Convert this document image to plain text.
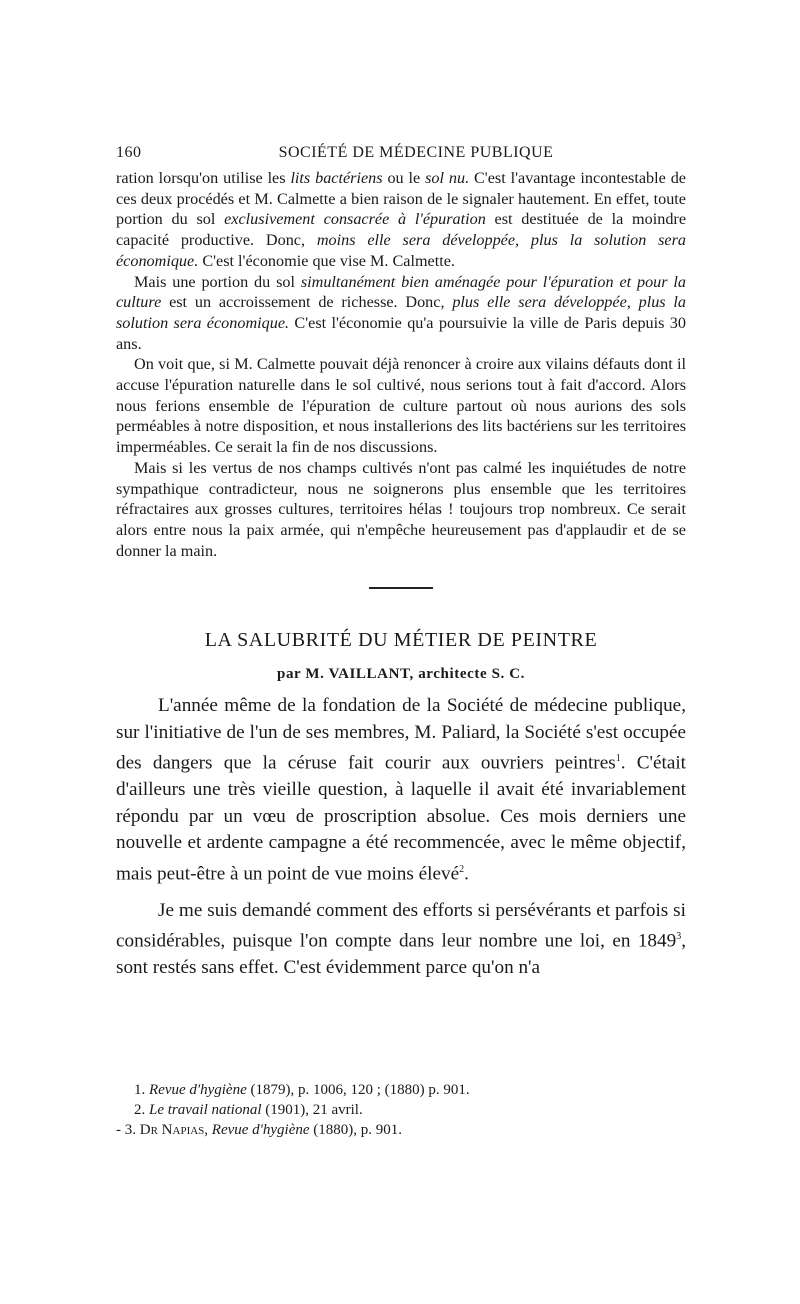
160	SOCIÉTÉ DE MÉDECINE PUBLIQUE

ration lorsqu'on utilise les lits bactériens ou le sol nu. C'est l'avantage incontestable de ces deux procédés et M. Calmette a bien raison de le signaler hautement. En effet, toute portion du sol exclusivement consacrée à l'épuration est destituée de la moindre capacité productive. Donc, moins elle sera développée, plus la solution sera économique. C'est l'économie que vise M. Calmette.

Mais une portion du sol simultanément bien aménagée pour l'épuration et pour la culture est un accroissement de richesse. Donc, plus elle sera développée, plus la solution sera économique. C'est l'économie qu'a poursuivie la ville de Paris depuis 30 ans.

On voit que, si M. Calmette pouvait déjà renoncer à croire aux vilains défauts dont il accuse l'épuration naturelle dans le sol cultivé, nous serions tout à fait d'accord. Alors nous ferions ensemble de l'épuration de culture partout où nous aurions des sols perméables à notre disposition, et nous installerions des lits bactériens sur les territoires imperméables. Ce serait la fin de nos discussions.

Mais si les vertus de nos champs cultivés n'ont pas calmé les inquiétudes de notre sympathique contradicteur, nous ne soignerons plus ensemble que les territoires réfractaires aux grosses cultures, territoires hélas ! toujours trop nombreux. Ce serait alors entre nous la paix armée, qui n'empêche heureusement pas d'applaudir et de se donner la main.

LA SALUBRITÉ DU MÉTIER DE PEINTRE

par M. VAILLANT, architecte S. C.

L'année même de la fondation de la Société de médecine publique, sur l'initiative de l'un de ses membres, M. Paliard, la Société s'est occupée des dangers que la céruse fait courir aux ouvriers peintres$^1$. C'était d'ailleurs une très vieille question, à laquelle il avait été invariablement répondu par un vœu de proscription absolue. Ces mois derniers une nouvelle et ardente campagne a été recommencée, avec le même objectif, mais peut-être à un point de vue moins élevé$^2$.

Je me suis demandé comment des efforts si persévérants et parfois si considérables, puisque l'on compte dans leur nombre une loi, en 1849$^3$, sont restés sans effet. C'est évidemment parce qu'on n'a

1. Revue d'hygiène (1879), p. 1006, 120 ; (1880) p. 901.
2. Le travail national (1901), 21 avril.
- 3. Dr Napias, Revue d'hygiène (1880), p. 901.
